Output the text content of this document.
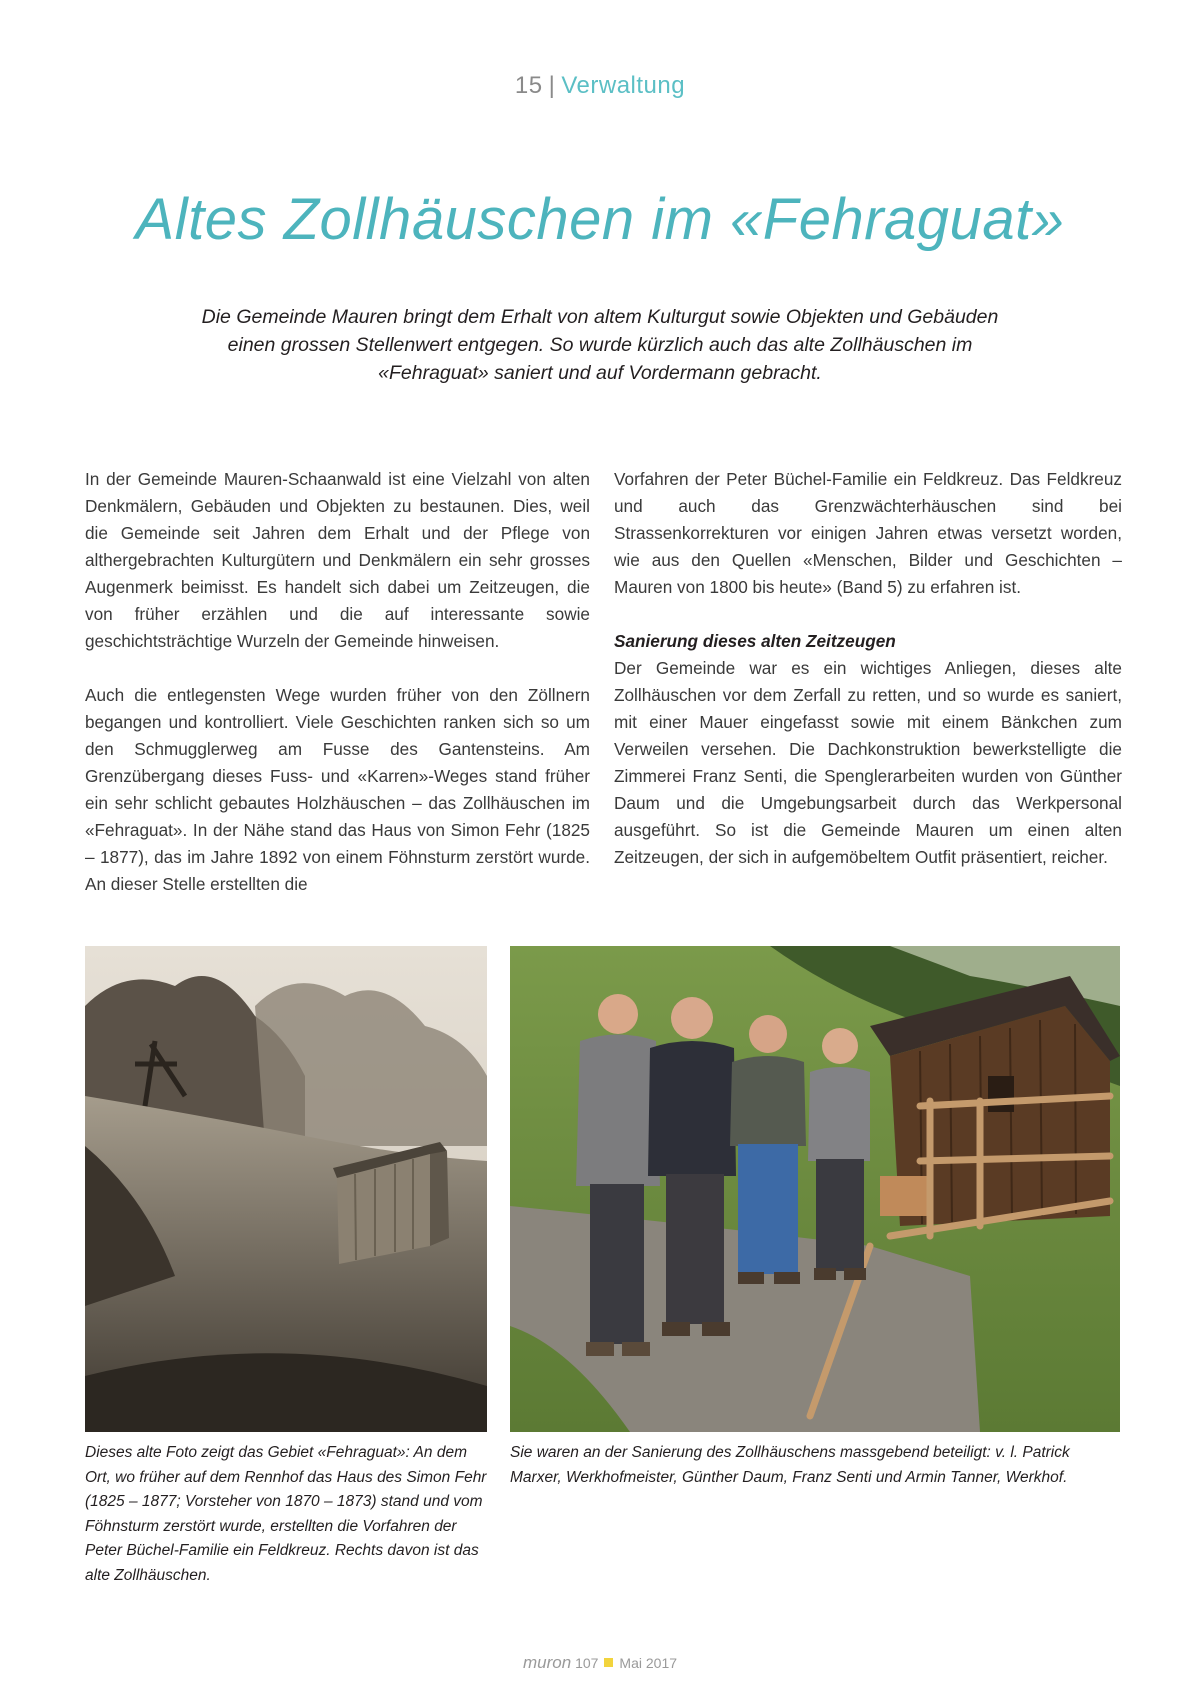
15 | Verwaltung
Altes Zollhäuschen im «Fehraguat»
Die Gemeinde Mauren bringt dem Erhalt von altem Kulturgut sowie Objekten und Gebäuden einen grossen Stellenwert entgegen. So wurde kürzlich auch das alte Zollhäuschen im «Fehraguat» saniert und auf Vordermann gebracht.

In der Gemeinde Mauren-Schaanwald ist eine Vielzahl von alten Denkmälern, Gebäuden und Objekten zu bestaunen. Dies, weil die Gemeinde seit Jahren dem Erhalt und der Pflege von althergebrachten Kulturgütern und Denkmälern ein sehr grosses Augenmerk beimisst. Es handelt sich dabei um Zeitzeugen, die von früher erzählen und die auf interessante sowie geschichtsträchtige Wurzeln der Gemeinde hinweisen.

Auch die entlegensten Wege wurden früher von den Zöllnern begangen und kontrolliert. Viele Geschichten ranken sich so um den Schmugglerweg am Fusse des Gantensteins. Am Grenzübergang dieses Fuss- und «Karren»-Weges stand früher ein sehr schlicht gebautes Holzhäuschen – das Zollhäuschen im «Fehraguat». In der Nähe stand das Haus von Simon Fehr (1825 – 1877), das im Jahre 1892 von einem Föhnsturm zerstört wurde. An dieser Stelle erstellten die

Vorfahren der Peter Büchel-Familie ein Feldkreuz. Das Feldkreuz und auch das Grenzwächterhäuschen sind bei Strassenkorrekturen vor einigen Jahren etwas versetzt worden, wie aus den Quellen «Menschen, Bilder und Geschichten – Mauren von 1800 bis heute» (Band 5) zu erfahren ist.

Sanierung dieses alten Zeitzeugen
Der Gemeinde war es ein wichtiges Anliegen, dieses alte Zollhäuschen vor dem Zerfall zu retten, und so wurde es saniert, mit einer Mauer eingefasst sowie mit einem Bänkchen zum Verweilen versehen. Die Dachkonstruktion bewerkstelligte die Zimmerei Franz Senti, die Spenglerarbeiten wurden von Günther Daum und die Umgebungsarbeit durch das Werkpersonal ausgeführt. So ist die Gemeinde Mauren um einen alten Zeitzeugen, der sich in aufgemöbeltem Outfit präsentiert, reicher.

Dieses alte Foto zeigt das Gebiet «Fehraguat»: An dem Ort, wo früher auf dem Rennhof das Haus des Simon Fehr (1825 – 1877; Vorsteher von 1870 – 1873) stand und vom Föhnsturm zerstört wurde, erstellten die Vorfahren der Peter Büchel-Familie ein Feldkreuz. Rechts davon ist das alte Zollhäuschen.
Sie waren an der Sanierung des Zollhäuschens massgebend beteiligt: v. l. Patrick Marxer, Werkhofmeister, Günther Daum, Franz Senti und Armin Tanner, Werkhof.
muron 107 Mai 2017
